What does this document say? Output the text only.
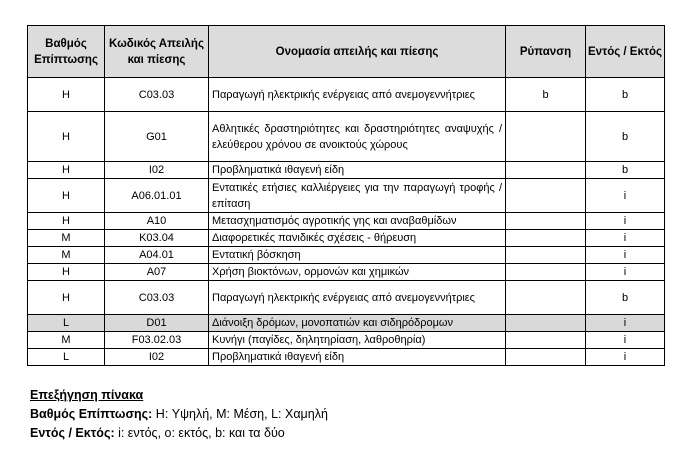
Βαθμός Επίπτωσης	Κωδικός Απειλής και πίεσης	Ονομασία απειλής και πίεσης	Ρύπανση	Εντός / Εκτός
H	C03.03	Παραγωγή ηλεκτρικής ενέργειας από ανεμογεννήτριες	b	b
H	G01	Αθλητικές δραστηριότητες και δραστηριότητες αναψυχής / ελεύθερου χρόνου σε ανοικτούς χώρους		b
H	I02	Προβληματικά ιθαγενή είδη		b
H	A06.01.01	Εντατικές ετήσιες καλλιέργειες για την παραγωγή τροφής / επίταση		i
H	A10	Μετασχηματισμός αγροτικής γης και αναβαθμίδων		i
M	K03.04	Διαφορετικές πανιδικές σχέσεις - θήρευση		i
M	A04.01	Εντατική βόσκηση		i
H	A07	Χρήση βιοκτόνων, ορμονών και χημικών		i
H	C03.03	Παραγωγή ηλεκτρικής ενέργειας από ανεμογεννήτριες		b
L	D01	Διάνοιξη δρόμων, μονοπατιών και σιδηρόδρομων		i
M	F03.02.03	Κυνήγι (παγίδες, δηλητηρίαση, λαθροθηρία)		i
L	I02	Προβληματικά ιθαγενή είδη		i
Επεξήγηση πίνακα
Βαθμός Επίπτωσης: H: Υψηλή, M: Μέση, L: Χαμηλή
Εντός / Εκτός: i: εντός, o: εκτός, b: και τα δύο
